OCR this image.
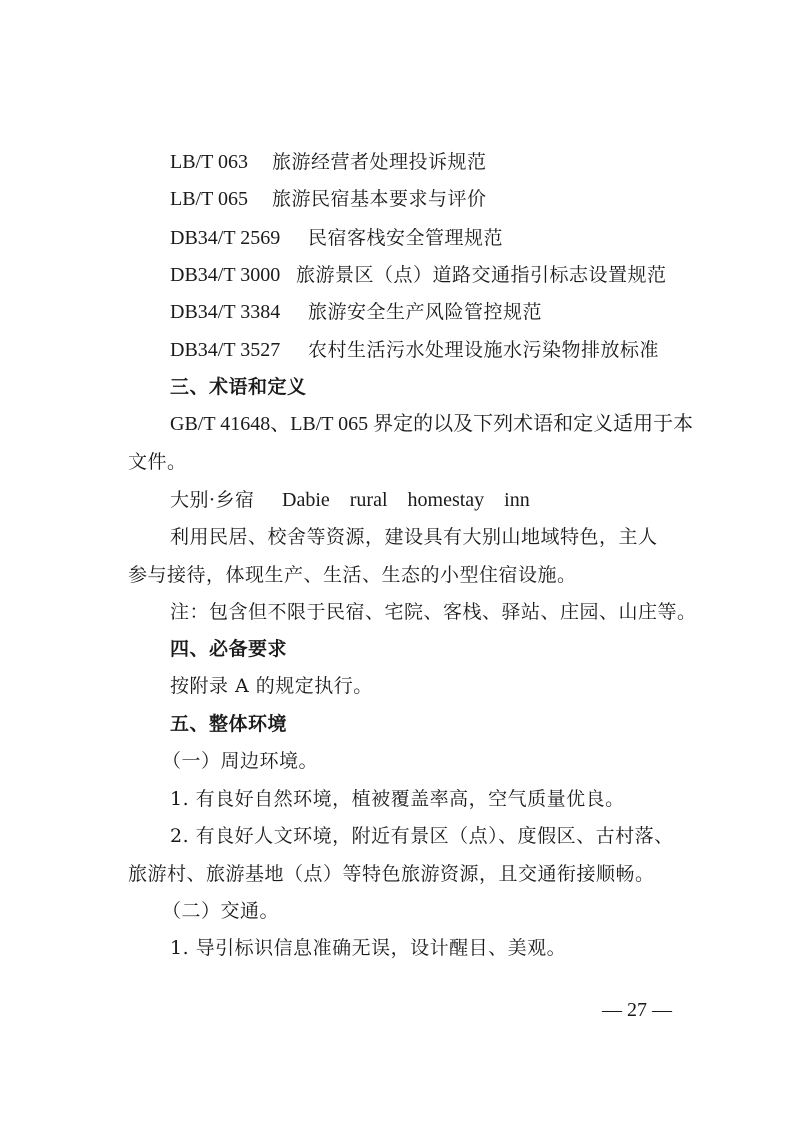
LB/T 063 旅游经营者处理投诉规范
LB/T 065 旅游民宿基本要求与评价
DB34/T 2569 民宿客栈安全管理规范
DB34/T 3000 旅游景区（点）道路交通指引标志设置规范
DB34/T 3384 旅游安全生产风险管控规范
DB34/T 3527 农村生活污水处理设施水污染物排放标准
三、术语和定义
GB/T 41648、LB/T 065 界定的以及下列术语和定义适用于本
文件。
大别·乡宿 Dabie    rural    homestay    inn
利用民居、校舍等资源，建设具有大别山地域特色，主人
参与接待，体现生产、生活、生态的小型住宿设施。
注：包含但不限于民宿、宅院、客栈、驿站、庄园、山庄等。
四、必备要求
按附录 A 的规定执行。
五、整体环境
（一）周边环境。
1. 有良好自然环境，植被覆盖率高，空气质量优良。
2. 有良好人文环境，附近有景区（点）、度假区、古村落、
旅游村、旅游基地（点）等特色旅游资源，且交通衔接顺畅。
（二）交通。
1. 导引标识信息准确无误，设计醒目、美观。
— 27 —
